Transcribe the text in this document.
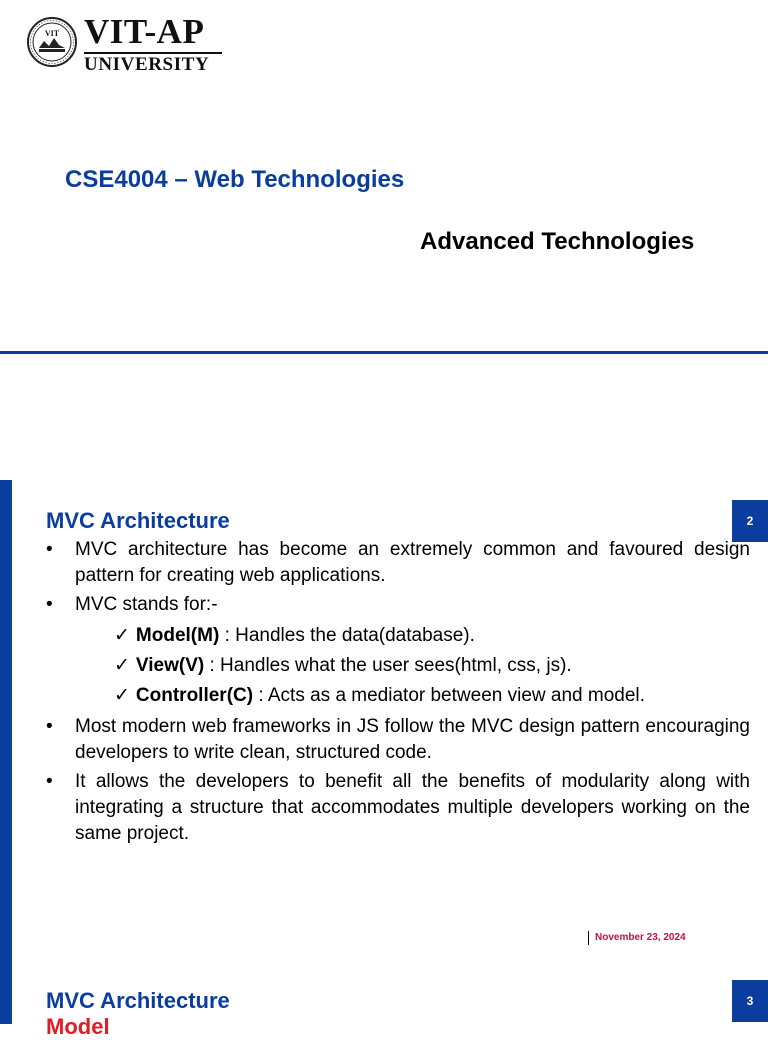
VIT VIT-AP
UNIVERSITY
CSE4004 – Web Technologies
Advanced Technologies
2
MVC Architecture
•	MVC architecture has become an extremely common and favoured design pattern for creating web applications.
•	MVC stands for:-
✓ Model(M) : Handles the data(database).
✓ View(V) : Handles what the user sees(html, css, js).
✓ Controller(C) : Acts as a mediator between view and model.
•	Most modern web frameworks in JS follow the MVC design pattern encouraging developers to write clean, structured code.
•	It allows the developers to benefit all the benefits of modularity along with integrating a structure that accommodates multiple developers working on the same project.
November 23, 2024
3
MVC Architecture
Model
